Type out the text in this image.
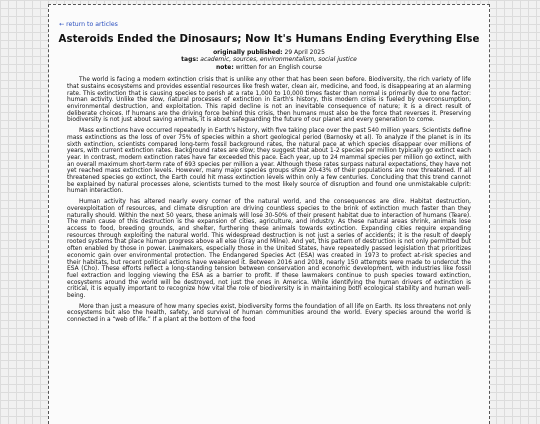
← return to articles
Asteroids Ended the Dinosaurs; Now It's Humans Ending Everything Else
originally published: 29 April 2025
tags: academic, sources, environmentalism, social justice
note: written for an English course

The world is facing a modern extinction crisis that is unlike any other that has been seen before. Biodiversity, the rich variety of life that sustains ecosystems and provides essential resources like fresh water, clean air, medicine, and food, is disappearing at an alarming rate. This extinction that is causing species to perish at a rate 1,000 to 10,000 times faster than normal is primarily due to one factor: human activity. Unlike the slow, natural processes of extinction in Earth's history, this modern crisis is fueled by overconsumption, environmental destruction, and exploitation. This rapid decline is not an inevitable consequence of nature; it is a direct result of deliberate choices. If humans are the driving force behind this crisis, then humans must also be the force that reverses it. Preserving biodiversity is not just about saving animals, it is about safeguarding the future of our planet and every generation to come.

Mass extinctions have occurred repeatedly in Earth's history, with five taking place over the past 540 million years. Scientists define mass extinctions as the loss of over 75% of species within a short geological period (Barnosky et al). To analyze if the planet is in its sixth extinction, scientists compared long-term fossil background rates, the natural pace at which species disappear over millions of years, with current extinction rates. Background rates are slow; they suggest that about 1-2 species per million typically go extinct each year. In contrast, modern extinction rates have far exceeded this pace. Each year, up to 24 mammal species per million go extinct, with an overall maximum short-term rate of 693 species per million a year. Although these rates surpass natural expectations, they have not yet reached mass extinction levels. However, many major species groups show 20-43% of their populations are now threatened. If all threatened species go extinct, the Earth could hit mass extinction levels within only a few centuries. Concluding that this trend cannot be explained by natural processes alone, scientists turned to the most likely source of disruption and found one unmistakable culprit: human interaction.

Human activity has altered nearly every corner of the natural world, and the consequences are dire. Habitat destruction, overexploitation of resources, and climate disruption are driving countless species to the brink of extinction much faster than they naturally should. Within the next 50 years, these animals will lose 30-50% of their present habitat due to interaction of humans (Teare). The main cause of this destruction is the expansion of cities, agriculture, and industry. As these natural areas shrink, animals lose access to food, breeding grounds, and shelter, furthering these animals towards extinction. Expanding cities require expanding resources through exploiting the natural world. This widespread destruction is not just a series of accidents; it is the result of deeply rooted systems that place human progress above all else (Gray and Milne). And yet, this pattern of destruction is not only permitted but often enabled by those in power. Lawmakers, especially those in the United States, have repeatedly passed legislation that prioritizes economic gain over environmental protection. The Endangered Species Act (ESA) was created in 1973 to protect at-risk species and their habitats, but recent political actions have weakened it. Between 2016 and 2018, nearly 150 attempts were made to undercut the ESA (Cho). These efforts reflect a long-standing tension between conservation and economic development, with industries like fossil fuel extraction and logging viewing the ESA as a barrier to profit. If these lawmakers continue to push species toward extinction, ecosystems around the world will be destroyed, not just the ones in America. While identifying the human drivers of extinction is critical, it is equally important to recognize how vital the role of biodiversity is in maintaining both ecological stability and human well-being.

More than just a measure of how many species exist, biodiversity forms the foundation of all life on Earth. Its loss threatens not only ecosystems but also the health, safety, and survival of human communities around the world. Every species around the world is connected in a “web of life.” If a plant at the bottom of the food
